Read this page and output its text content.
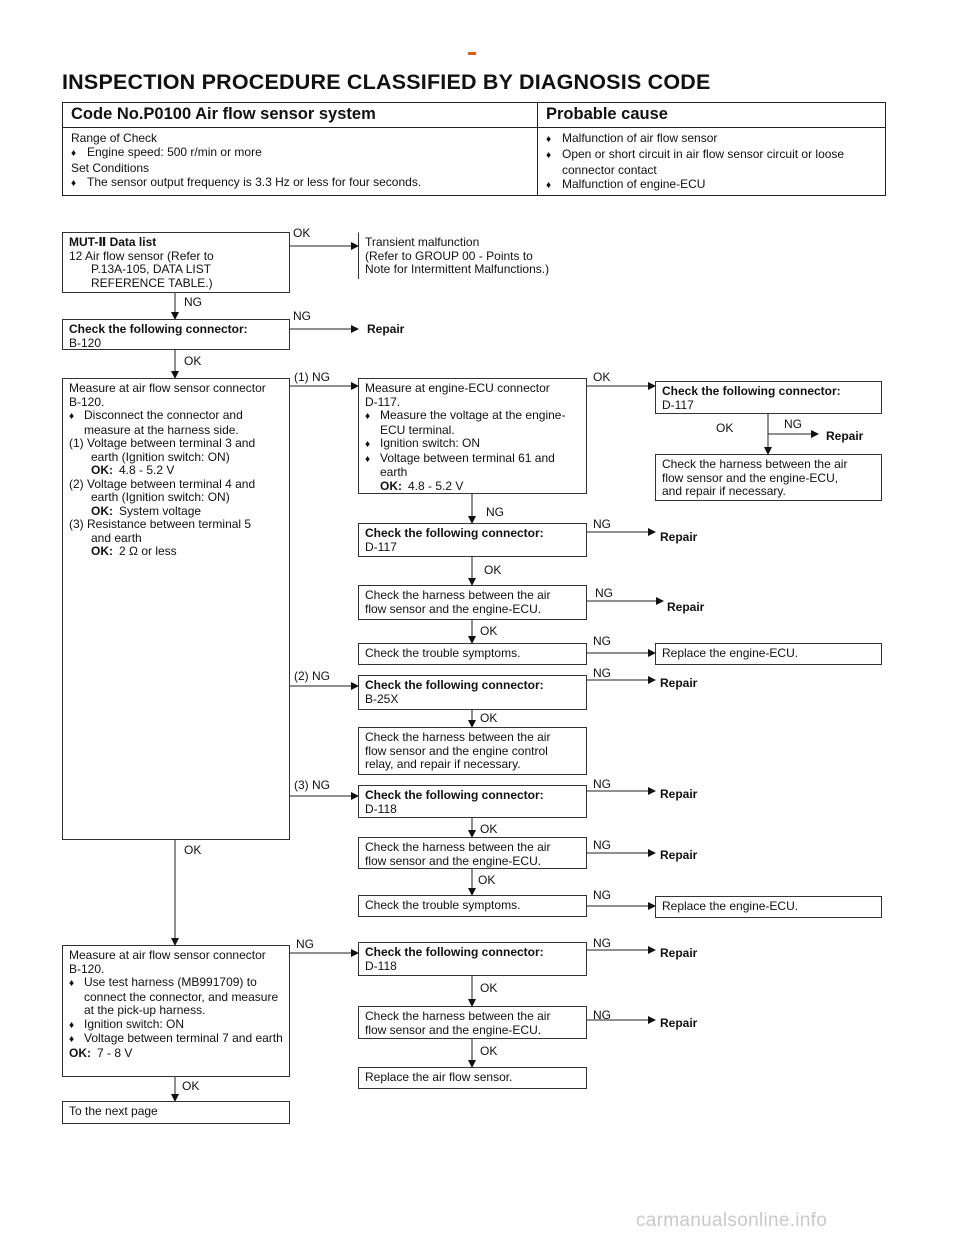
INSPECTION PROCEDURE CLASSIFIED BY DIAGNOSIS CODE
Code No.P0100 Air flow sensor system	Probable cause

Range of Check
♦ Engine speed: 500 r/min or more
Set Conditions
♦ The sensor output frequency is 3.3 Hz or less for four seconds.	♦ Malfunction of air flow sensor
♦ Open or short circuit in air flow sensor circuit or loose connector contact
♦ Malfunction of engine-ECU
MUT-Ⅱ Data list
12 Air flow sensor (Refer to

P.13A-105, DATA LIST
REFERENCE TABLE.)
Transient malfunction
(Refer to GROUP 00 - Points to
Note for Intermittent Malfunctions.)
Check the following connector:
B-120
Measure at air flow sensor connector
B-120.
♦ Disconnect the connector and measure at the harness side.
(1) Voltage between terminal 3 and
earth (Ignition switch: ON)
OK: 4.8 - 5.2 V
(2) Voltage between terminal 4 and
earth (Ignition switch: ON)
OK: System voltage
(3) Resistance between terminal 5
and earth
OK: 2 Ω or less
Measure at engine-ECU connector
D-117.
♦ Measure the voltage at the engine-ECU terminal.
♦ Ignition switch: ON
♦ Voltage between terminal 61 and earth
OK: 4.8 - 5.2 V
Check the following connector:
D-117
Check the harness between the air
flow sensor and the engine-ECU,
and repair if necessary.
Check the following connector:
D-117
Check the harness between the air
flow sensor and the engine-ECU.
Check the trouble symptoms.	Replace the engine-ECU.
Check the following connector:
B-25X
Check the harness between the air
flow sensor and the engine control
relay, and repair if necessary.
Check the following connector:
D-118
Check the harness between the air
flow sensor and the engine-ECU.
Check the trouble symptoms.	Replace the engine-ECU.
Measure at air flow sensor connector
B-120.
♦ Use test harness (MB991709) to connect the connector, and measure at the pick-up harness.
♦ Ignition switch: ON
♦ Voltage between terminal 7 and earth
OK: 7 - 8 V
Check the following connector:
D-118
Check the harness between the air
flow sensor and the engine-ECU.
Replace the air flow sensor.
To the next page
OK
NG
NG
Repair
OK
(1) NG	OK
OK	NG
Repair
NG
NG
Repair
OK
NG
Repair
OK
NG
(2) NG	NG
Repair
OK
(3) NG	NG
Repair
OK
OK	NG
Repair
OK
NG
NG	NG
Repair
OK
NG
Repair
OK
OK
carmanualsonline.info
